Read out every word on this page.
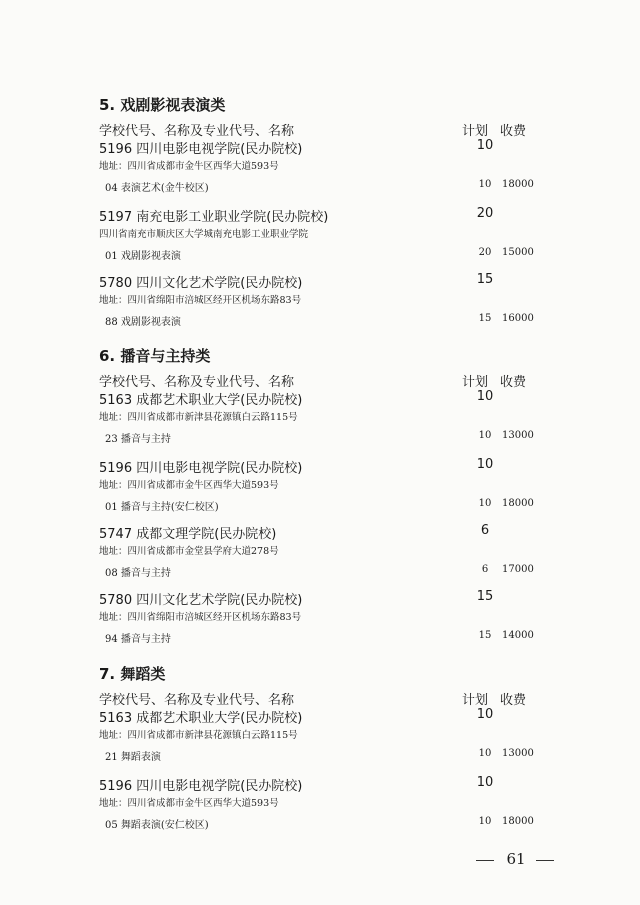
5. 戏剧影视表演类
学校代号、名称及专业代号、名称	计划 收费
5196 四川电影电视学院(民办院校)	10
地址：四川省成都市金牛区西华大道593号
04 表演艺术(金牛校区)	10	18000
5197 南充电影工业职业学院(民办院校)	20
四川省南充市顺庆区大学城南充电影工业职业学院
01 戏剧影视表演	20	15000
5780 四川文化艺术学院(民办院校)	15
地址：四川省绵阳市涪城区经开区机场东路83号
88 戏剧影视表演	15	16000
6. 播音与主持类
学校代号、名称及专业代号、名称	计划 收费
5163 成都艺术职业大学(民办院校)	10
地址：四川省成都市新津县花源镇白云路115号
23 播音与主持	10	13000
5196 四川电影电视学院(民办院校)	10
地址：四川省成都市金牛区西华大道593号
01 播音与主持(安仁校区)	10	18000
5747 成都文理学院(民办院校)	6
地址：四川省成都市金堂县学府大道278号
08 播音与主持	6	17000
5780 四川文化艺术学院(民办院校)	15
地址：四川省绵阳市涪城区经开区机场东路83号
94 播音与主持	15	14000
7. 舞蹈类
学校代号、名称及专业代号、名称	计划 收费
5163 成都艺术职业大学(民办院校)	10
地址：四川省成都市新津县花源镇白云路115号
21 舞蹈表演	10	13000
5196 四川电影电视学院(民办院校)	10
地址：四川省成都市金牛区西华大道593号
05 舞蹈表演(安仁校区)	10	18000
61
